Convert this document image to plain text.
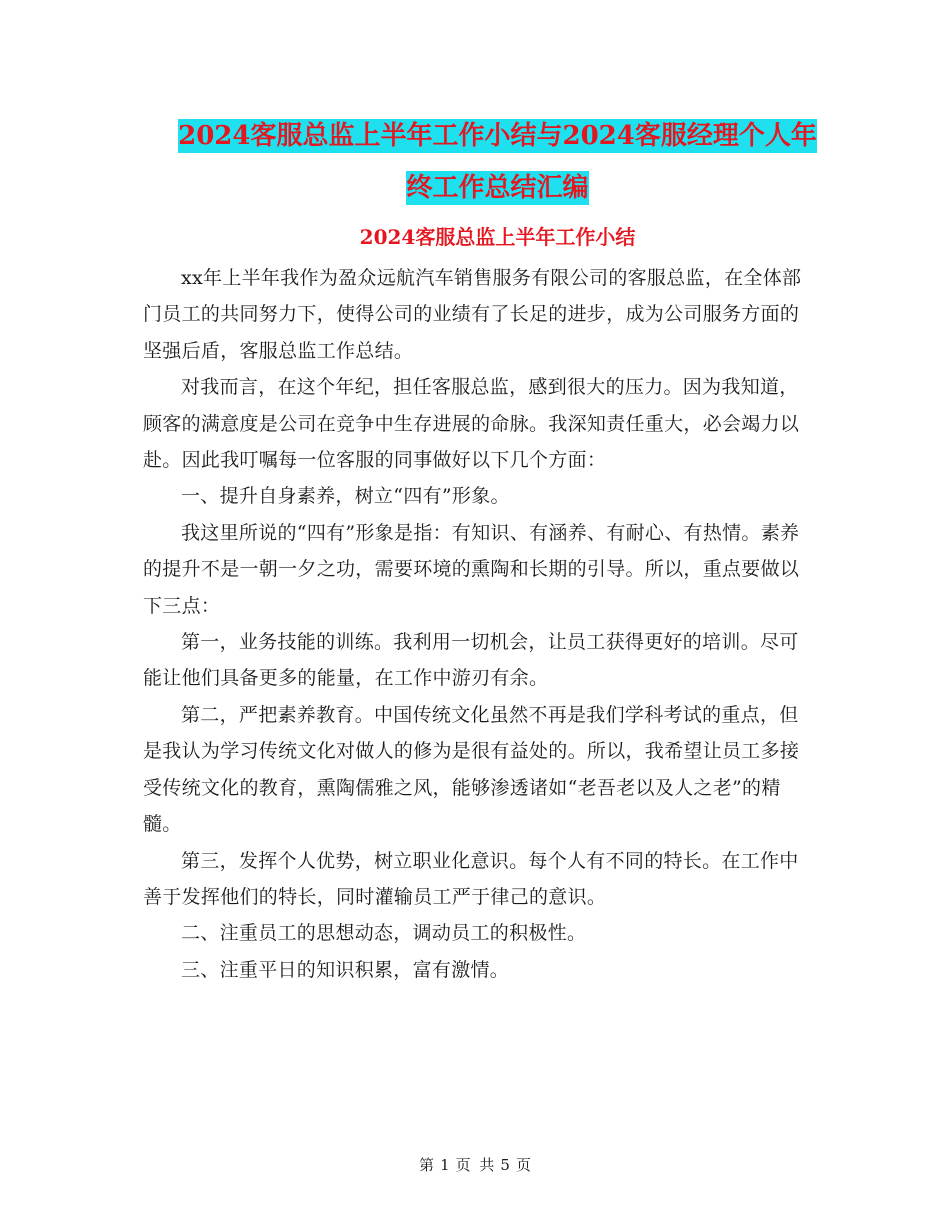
2024客服总监上半年工作小结与2024客服经理个人年
终工作总结汇编
2024客服总监上半年工作小结

xx年上半年我作为盈众远航汽车销售服务有限公司的客服总监，在全体部门员工的共同努力下，使得公司的业绩有了长足的进步，成为公司服务方面的坚强后盾，客服总监工作总结。

对我而言，在这个年纪，担任客服总监，感到很大的压力。因为我知道，顾客的满意度是公司在竞争中生存进展的命脉。我深知责任重大，必会竭力以赴。因此我叮嘱每一位客服的同事做好以下几个方面：

一、提升自身素养，树立“四有”形象。

我这里所说的“四有”形象是指：有知识、有涵养、有耐心、有热情。素养的提升不是一朝一夕之功，需要环境的熏陶和长期的引导。所以，重点要做以下三点：

第一，业务技能的训练。我利用一切机会，让员工获得更好的培训。尽可能让他们具备更多的能量，在工作中游刃有余。

第二，严把素养教育。中国传统文化虽然不再是我们学科考试的重点，但是我认为学习传统文化对做人的修为是很有益处的。所以，我希望让员工多接受传统文化的教育，熏陶儒雅之风，能够渗透诸如“老吾老以及人之老”的精髓。

第三，发挥个人优势，树立职业化意识。每个人有不同的特长。在工作中善于发挥他们的特长，同时灌输员工严于律己的意识。

二、注重员工的思想动态，调动员工的积极性。

三、注重平日的知识积累，富有激情。

第 1 页 共 5 页
